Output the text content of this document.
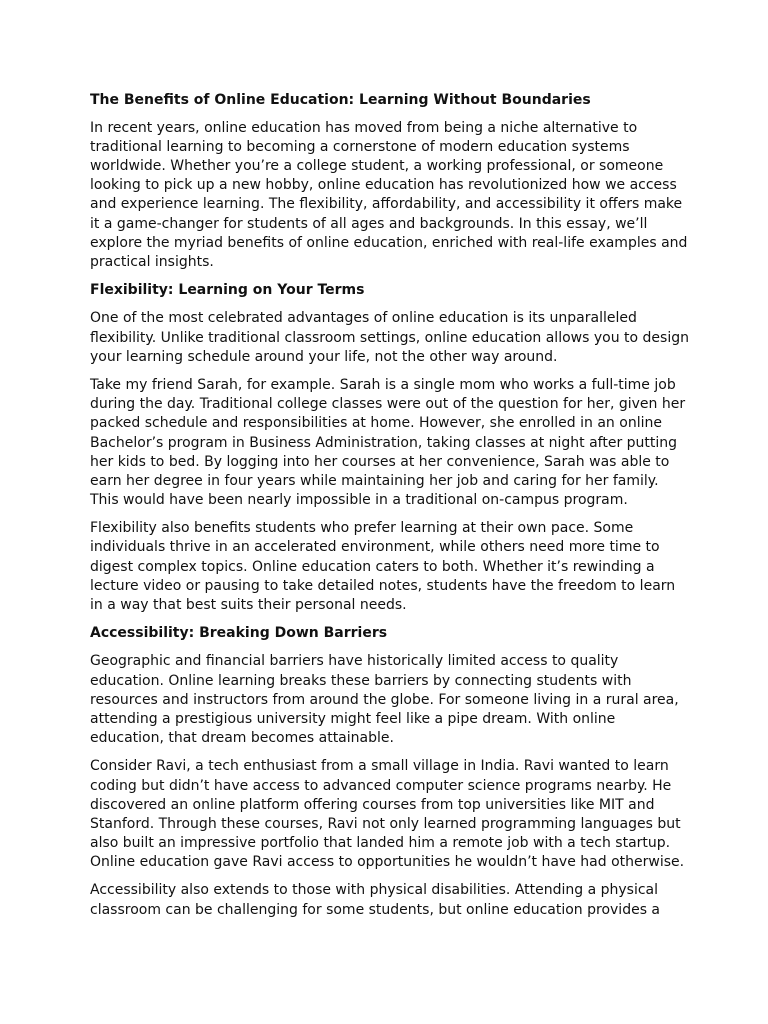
The Benefits of Online Education: Learning Without Boundaries
In recent years, online education has moved from being a niche alternative to traditional learning to becoming a cornerstone of modern education systems worldwide. Whether you’re a college student, a working professional, or someone looking to pick up a new hobby, online education has revolutionized how we access and experience learning. The flexibility, affordability, and accessibility it offers make it a game-changer for students of all ages and backgrounds. In this essay, we’ll explore the myriad benefits of online education, enriched with real-life examples and practical insights.
Flexibility: Learning on Your Terms
One of the most celebrated advantages of online education is its unparalleled flexibility. Unlike traditional classroom settings, online education allows you to design your learning schedule around your life, not the other way around.
Take my friend Sarah, for example. Sarah is a single mom who works a full-time job during the day. Traditional college classes were out of the question for her, given her packed schedule and responsibilities at home. However, she enrolled in an online Bachelor’s program in Business Administration, taking classes at night after putting her kids to bed. By logging into her courses at her convenience, Sarah was able to earn her degree in four years while maintaining her job and caring for her family. This would have been nearly impossible in a traditional on-campus program.
Flexibility also benefits students who prefer learning at their own pace. Some individuals thrive in an accelerated environment, while others need more time to digest complex topics. Online education caters to both. Whether it’s rewinding a lecture video or pausing to take detailed notes, students have the freedom to learn in a way that best suits their personal needs.
Accessibility: Breaking Down Barriers
Geographic and financial barriers have historically limited access to quality education. Online learning breaks these barriers by connecting students with resources and instructors from around the globe. For someone living in a rural area, attending a prestigious university might feel like a pipe dream. With online education, that dream becomes attainable.
Consider Ravi, a tech enthusiast from a small village in India. Ravi wanted to learn coding but didn’t have access to advanced computer science programs nearby. He discovered an online platform offering courses from top universities like MIT and Stanford. Through these courses, Ravi not only learned programming languages but also built an impressive portfolio that landed him a remote job with a tech startup. Online education gave Ravi access to opportunities he wouldn’t have had otherwise.
Accessibility also extends to those with physical disabilities. Attending a physical classroom can be challenging for some students, but online education provides a
